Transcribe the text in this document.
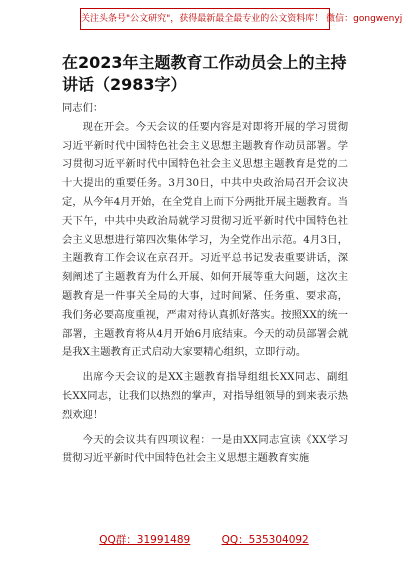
关注头条号"公文研究"，获得最新最全最专业的公文资料库！ 微信：gongwenyj
在2023年主题教育工作动员会上的主持讲话（2983字）

同志们：

现在开会。今天会议的任要内容是对即将开展的学习贯彻习近平新时代中国特色社会主义思想主题教育作动员部署。学习贯彻习近平新时代中国特色社会主义思想主题教育是党的二十大提出的重要任务。3月30日，中共中央政治局召开会议决定，从今年4月开始，在全党自上而下分两批开展主题教育。当天下午，中共中央政治局就学习贯彻习近平新时代中国特色社会主义思想进行第四次集体学习，为全党作出示范。4月3日，主题教育工作会议在京召开。习近平总书记发表重要讲话，深刻阐述了主题教育为什么开展、如何开展等重大问题，这次主题教育是一件事关全局的大事，过时间紧、任务重、要求高，我们务必要高度重视，严肃对待认真抓好落实。按照XX的统一部署，主题教育将从4月开始6月底结束。今天的动员部署会就是我X主题教育正式启动大家要精心组织，立即行动。

出席今天会议的是XX主题教育指导组组长XX同志、副组长XX同志，让我们以热烈的掌声，对指导组领导的到来表示热烈欢迎！

今天的会议共有四项议程：一是由XX同志宣读《XX学习贯彻习近平新时代中国特色社会主义思想主题教育实施

QQ群：31991489	QQ：535304092
